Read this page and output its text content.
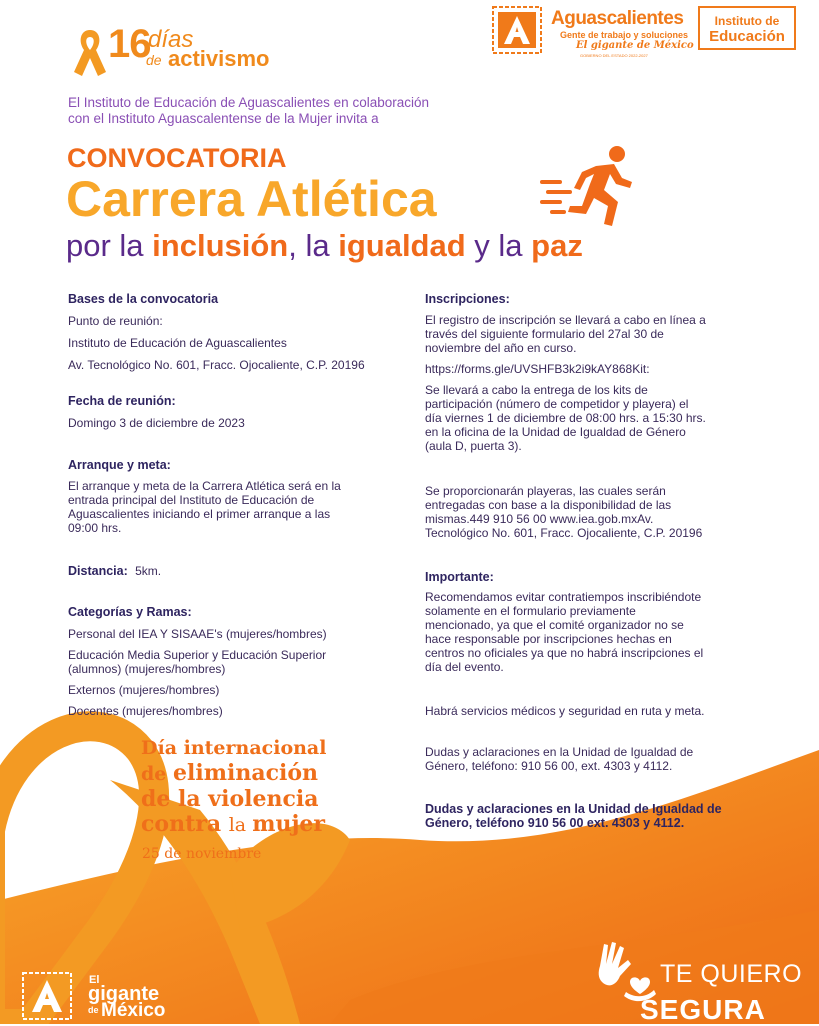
16
días
de activismo
Aguascalientes
Gente de trabajo y soluciones
El gigante de México
GOBIERNO DEL ESTADO 2022-2027
Instituto de
Educación
El Instituto de Educación de Aguascalientes en colaboración
con el Instituto Aguascalentense de la Mujer invita a
CONVOCATORIA
Carrera Atlética
por la inclusión, la igualdad y la paz
Bases de la convocatoria
Punto de reunión:
Instituto de Educación de Aguascalientes
Av. Tecnológico No. 601, Fracc. Ojocaliente, C.P. 20196
Fecha de reunión:
Domingo 3 de diciembre de 2023
Arranque y meta:
El arranque y meta de la Carrera Atlética será en la
entrada principal del Instituto de Educación de
Aguascalientes iniciando el primer arranque a las
09:00 hrs.
Distancia: 5km.
Categorías y Ramas:
Personal del IEA Y SISAAE's (mujeres/hombres)
Educación Media Superior y Educación Superior
(alumnos) (mujeres/hombres)
Externos (mujeres/hombres)
Docentes (mujeres/hombres)
Inscripciones:
El registro de inscripción se llevará a cabo en línea a
través del siguiente formulario del 27al 30 de
noviembre del año en curso.
https://forms.gle/UVSHFB3k2i9kAY868Kit:
Se llevará a cabo la entrega de los kits de
participación (número de competidor y playera) el
día viernes 1 de diciembre de 08:00 hrs. a 15:30 hrs.
en la oficina de la Unidad de Igualdad de Género
(aula D, puerta 3).
Se proporcionarán playeras, las cuales serán
entregadas con base a la disponibilidad de las
mismas.449 910 56 00 www.iea.gob.mxAv.
Tecnológico No. 601, Fracc. Ojocaliente, C.P. 20196
Importante:
Recomendamos evitar contratiempos inscribiéndote
solamente en el formulario previamente
mencionado, ya que el comité organizador no se
hace responsable por inscripciones hechas en
centros no oficiales ya que no habrá inscripciones el
día del evento.
Habrá servicios médicos y seguridad en ruta y meta.
Dudas y aclaraciones en la Unidad de Igualdad de
Género, teléfono: 910 56 00, ext. 4303 y 4112.
Dudas y aclaraciones en la Unidad de Igualdad de
Género, teléfono 910 56 00 ext. 4303 y 4112.
Día internacional
de eliminación
de la violencia
contra la mujer
25 de noviembre
El
gigante
de México
TE QUIERO
SEGURA
